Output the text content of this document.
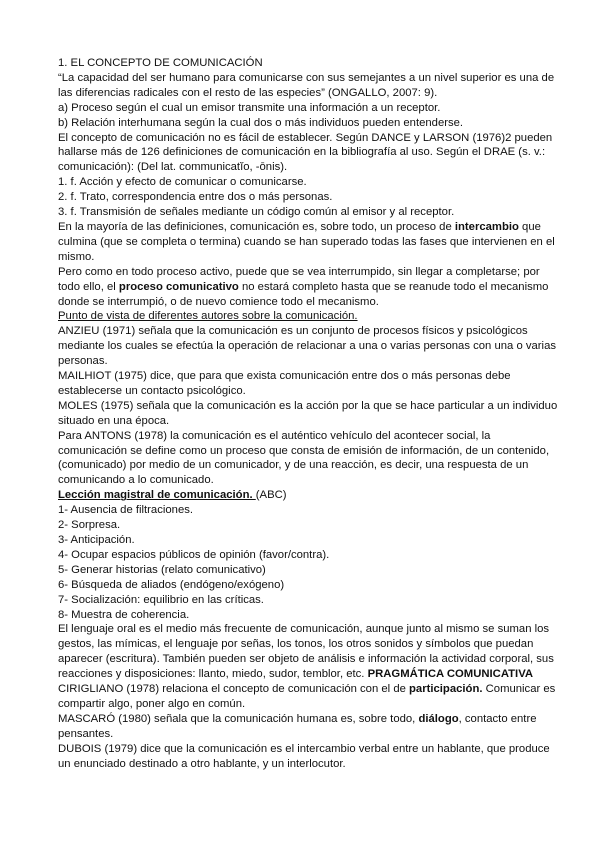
1. EL CONCEPTO DE COMUNICACIÓN

“La capacidad del ser humano para comunicarse con sus semejantes a un nivel superior es una de las diferencias radicales con el resto de las especies” (ONGALLO, 2007: 9).

a) Proceso según el cual un emisor transmite una información a un receptor.

b) Relación interhumana según la cual dos o más individuos pueden entenderse.

El concepto de comunicación no es fácil de establecer. Según DANCE y LARSON (1976)2 pueden hallarse más de 126 definiciones de comunicación en la bibliografía al uso. Según el DRAE (s. v.: comunicación): (Del lat. communicatĭo, -ōnis).

1. f. Acción y efecto de comunicar o comunicarse.

2. f. Trato, correspondencia entre dos o más personas.

3. f. Transmisión de señales mediante un código común al emisor y al receptor.

En la mayoría de las definiciones, comunicación es, sobre todo, un proceso de intercambio que culmina (que se completa o termina) cuando se han superado todas las fases que intervienen en el mismo.

Pero como en todo proceso activo, puede que se vea interrumpido, sin llegar a completarse; por todo ello, el proceso comunicativo no estará completo hasta que se reanude todo el mecanismo donde se interrumpió, o de nuevo comience todo el mecanismo.

Punto de vista de diferentes autores sobre la comunicación.

ANZIEU (1971) señala que la comunicación es un conjunto de procesos físicos y psicológicos mediante los cuales se efectúa la operación de relacionar a una o varias personas con una o varias personas.

MAILHIOT (1975) dice, que para que exista comunicación entre dos o más personas debe establecerse un contacto psicológico.

MOLES (1975) señala que la comunicación es la acción por la que se hace particular a un individuo situado en una época.

Para ANTONS (1978) la comunicación es el auténtico vehículo del acontecer social, la comunicación se define como un proceso que consta de emisión de información, de un contenido, (comunicado) por medio de un comunicador, y de una reacción, es decir, una respuesta de un comunicando a lo comunicado.

Lección magistral de comunicación. (ABC)

1- Ausencia de filtraciones.

2- Sorpresa.

3- Anticipación.

4- Ocupar espacios públicos de opinión (favor/contra).

5- Generar historias (relato comunicativo)

6- Búsqueda de aliados (endógeno/exógeno)

7- Socialización: equilibrio en las críticas.

8- Muestra de coherencia.

El lenguaje oral es el medio más frecuente de comunicación, aunque junto al mismo se suman los gestos, las mímicas, el lenguaje por señas, los tonos, los otros sonidos y símbolos que puedan aparecer (escritura). También pueden ser objeto de análisis e información la actividad corporal, sus reacciones y disposiciones: llanto, miedo, sudor, temblor, etc. PRAGMÁTICA COMUNICATIVA

CIRIGLIANO (1978) relaciona el concepto de comunicación con el de participación. Comunicar es compartir algo, poner algo en común.

MASCARÓ (1980) señala que la comunicación humana es, sobre todo, diálogo, contacto entre pensantes.

DUBOIS (1979) dice que la comunicación es el intercambio verbal entre un hablante, que produce un enunciado destinado a otro hablante, y un interlocutor.
